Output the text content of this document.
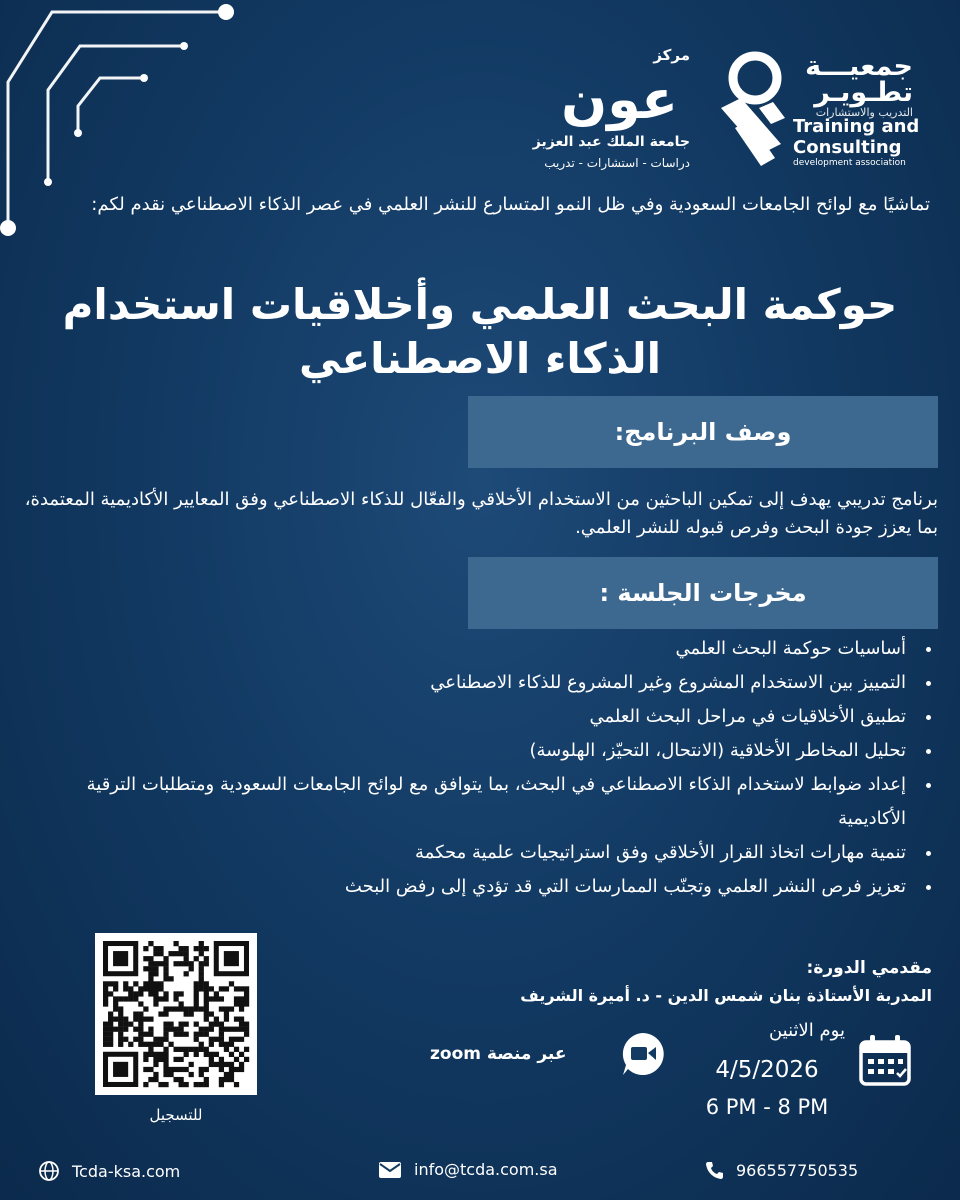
جمعيـــة
تطـويـر
التدريب والاستشارات
Training and
Consulting
development association
مركز
عون
جامعة الملك عبد العزيز
دراسات - استشارات - تدريب
تماشيًا مع لوائح الجامعات السعودية وفي ظل النمو المتسارع للنشر العلمي في عصر الذكاء الاصطناعي نقدم لكم:
حوكمة البحث العلمي وأخلاقيات استخدام
الذكاء الاصطناعي
وصف البرنامج:
برنامج تدريبي يهدف إلى تمكين الباحثين من الاستخدام الأخلاقي والفعّال للذكاء الاصطناعي وفق المعايير الأكاديمية المعتمدة، بما يعزز جودة البحث وفرص قبوله للنشر العلمي.
مخرجات الجلسة :
• أساسيات حوكمة البحث العلمي
• التمييز بين الاستخدام المشروع وغير المشروع للذكاء الاصطناعي
• تطبيق الأخلاقيات في مراحل البحث العلمي
• تحليل المخاطر الأخلاقية (الانتحال، التحيّز، الهلوسة)
• إعداد ضوابط لاستخدام الذكاء الاصطناعي في البحث، بما يتوافق مع لوائح الجامعات السعودية ومتطلبات الترقية الأكاديمية
• تنمية مهارات اتخاذ القرار الأخلاقي وفق استراتيجيات علمية محكمة
• تعزيز فرص النشر العلمي وتجنّب الممارسات التي قد تؤدي إلى رفض البحث
للتسجيل
مقدمي الدورة:
المدربة الأستاذة بنان شمس الدين - د. أميرة الشريف
يوم الاثنين
4/5/2026
6 PM - 8 PM
عبر منصة zoom
Tcda-ksa.com	info@tcda.com.sa	966557750535
